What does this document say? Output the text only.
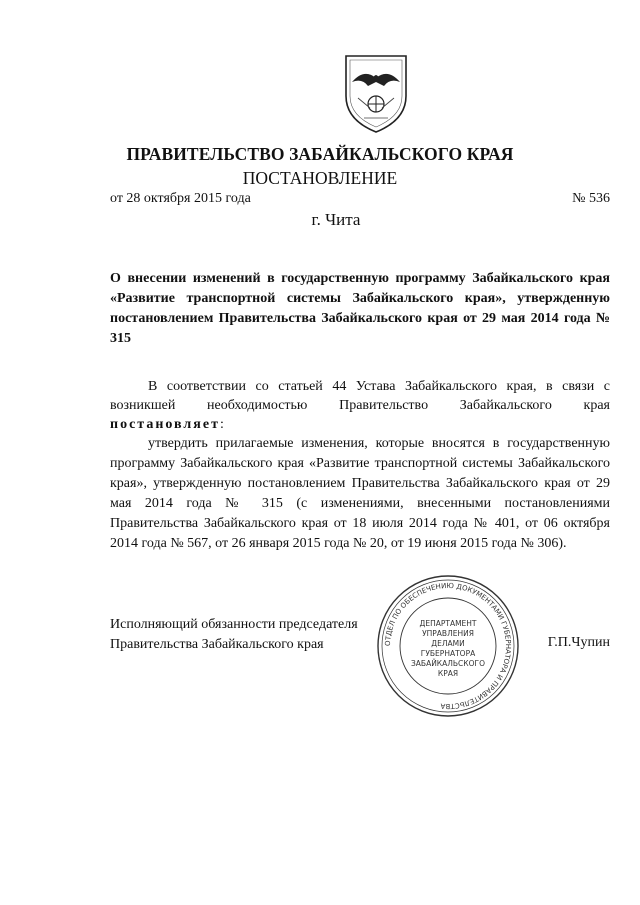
ПРАВИТЕЛЬСТВО ЗАБАЙКАЛЬСКОГО КРАЯ
ПОСТАНОВЛЕНИЕ
от 28 октября 2015 года	№ 536
г. Чита
О внесении изменений в государственную программу Забайкальского края «Развитие транспортной системы Забайкальского края», утвержденную постановлением Правительства Забайкальского края от 29 мая 2014 года № 315
В соответствии со статьей 44 Устава Забайкальского края, в связи с возникшей необходимостью Правительство Забайкальского края постановляет:
утвердить прилагаемые изменения, которые вносятся в государственную программу Забайкальского края «Развитие транспортной системы Забайкальского края», утвержденную постановлением Правительства Забайкальского края от 29 мая 2014 года № 315 (с изменениями, внесенными постановлениями Правительства Забайкальского края от 18 июля 2014 года № 401, от 06 октября 2014 года № 567, от 26 января 2015 года № 20, от 19 июня 2015 года № 306).
Исполняющий обязанности председателя
Правительства Забайкальского края	Г.П.Чупин
ОТДЕЛ ПО ОБЕСПЕЧЕНИЮ ДОКУМЕНТАМИ ГУБЕРНАТОРА И ПРАВИТЕЛЬСТВА
ДЕПАРТАМЕНТ
УПРАВЛЕНИЯ
ДЕЛАМИ
ГУБЕРНАТОРА
ЗАБАЙКАЛЬСКОГО
КРАЯ
